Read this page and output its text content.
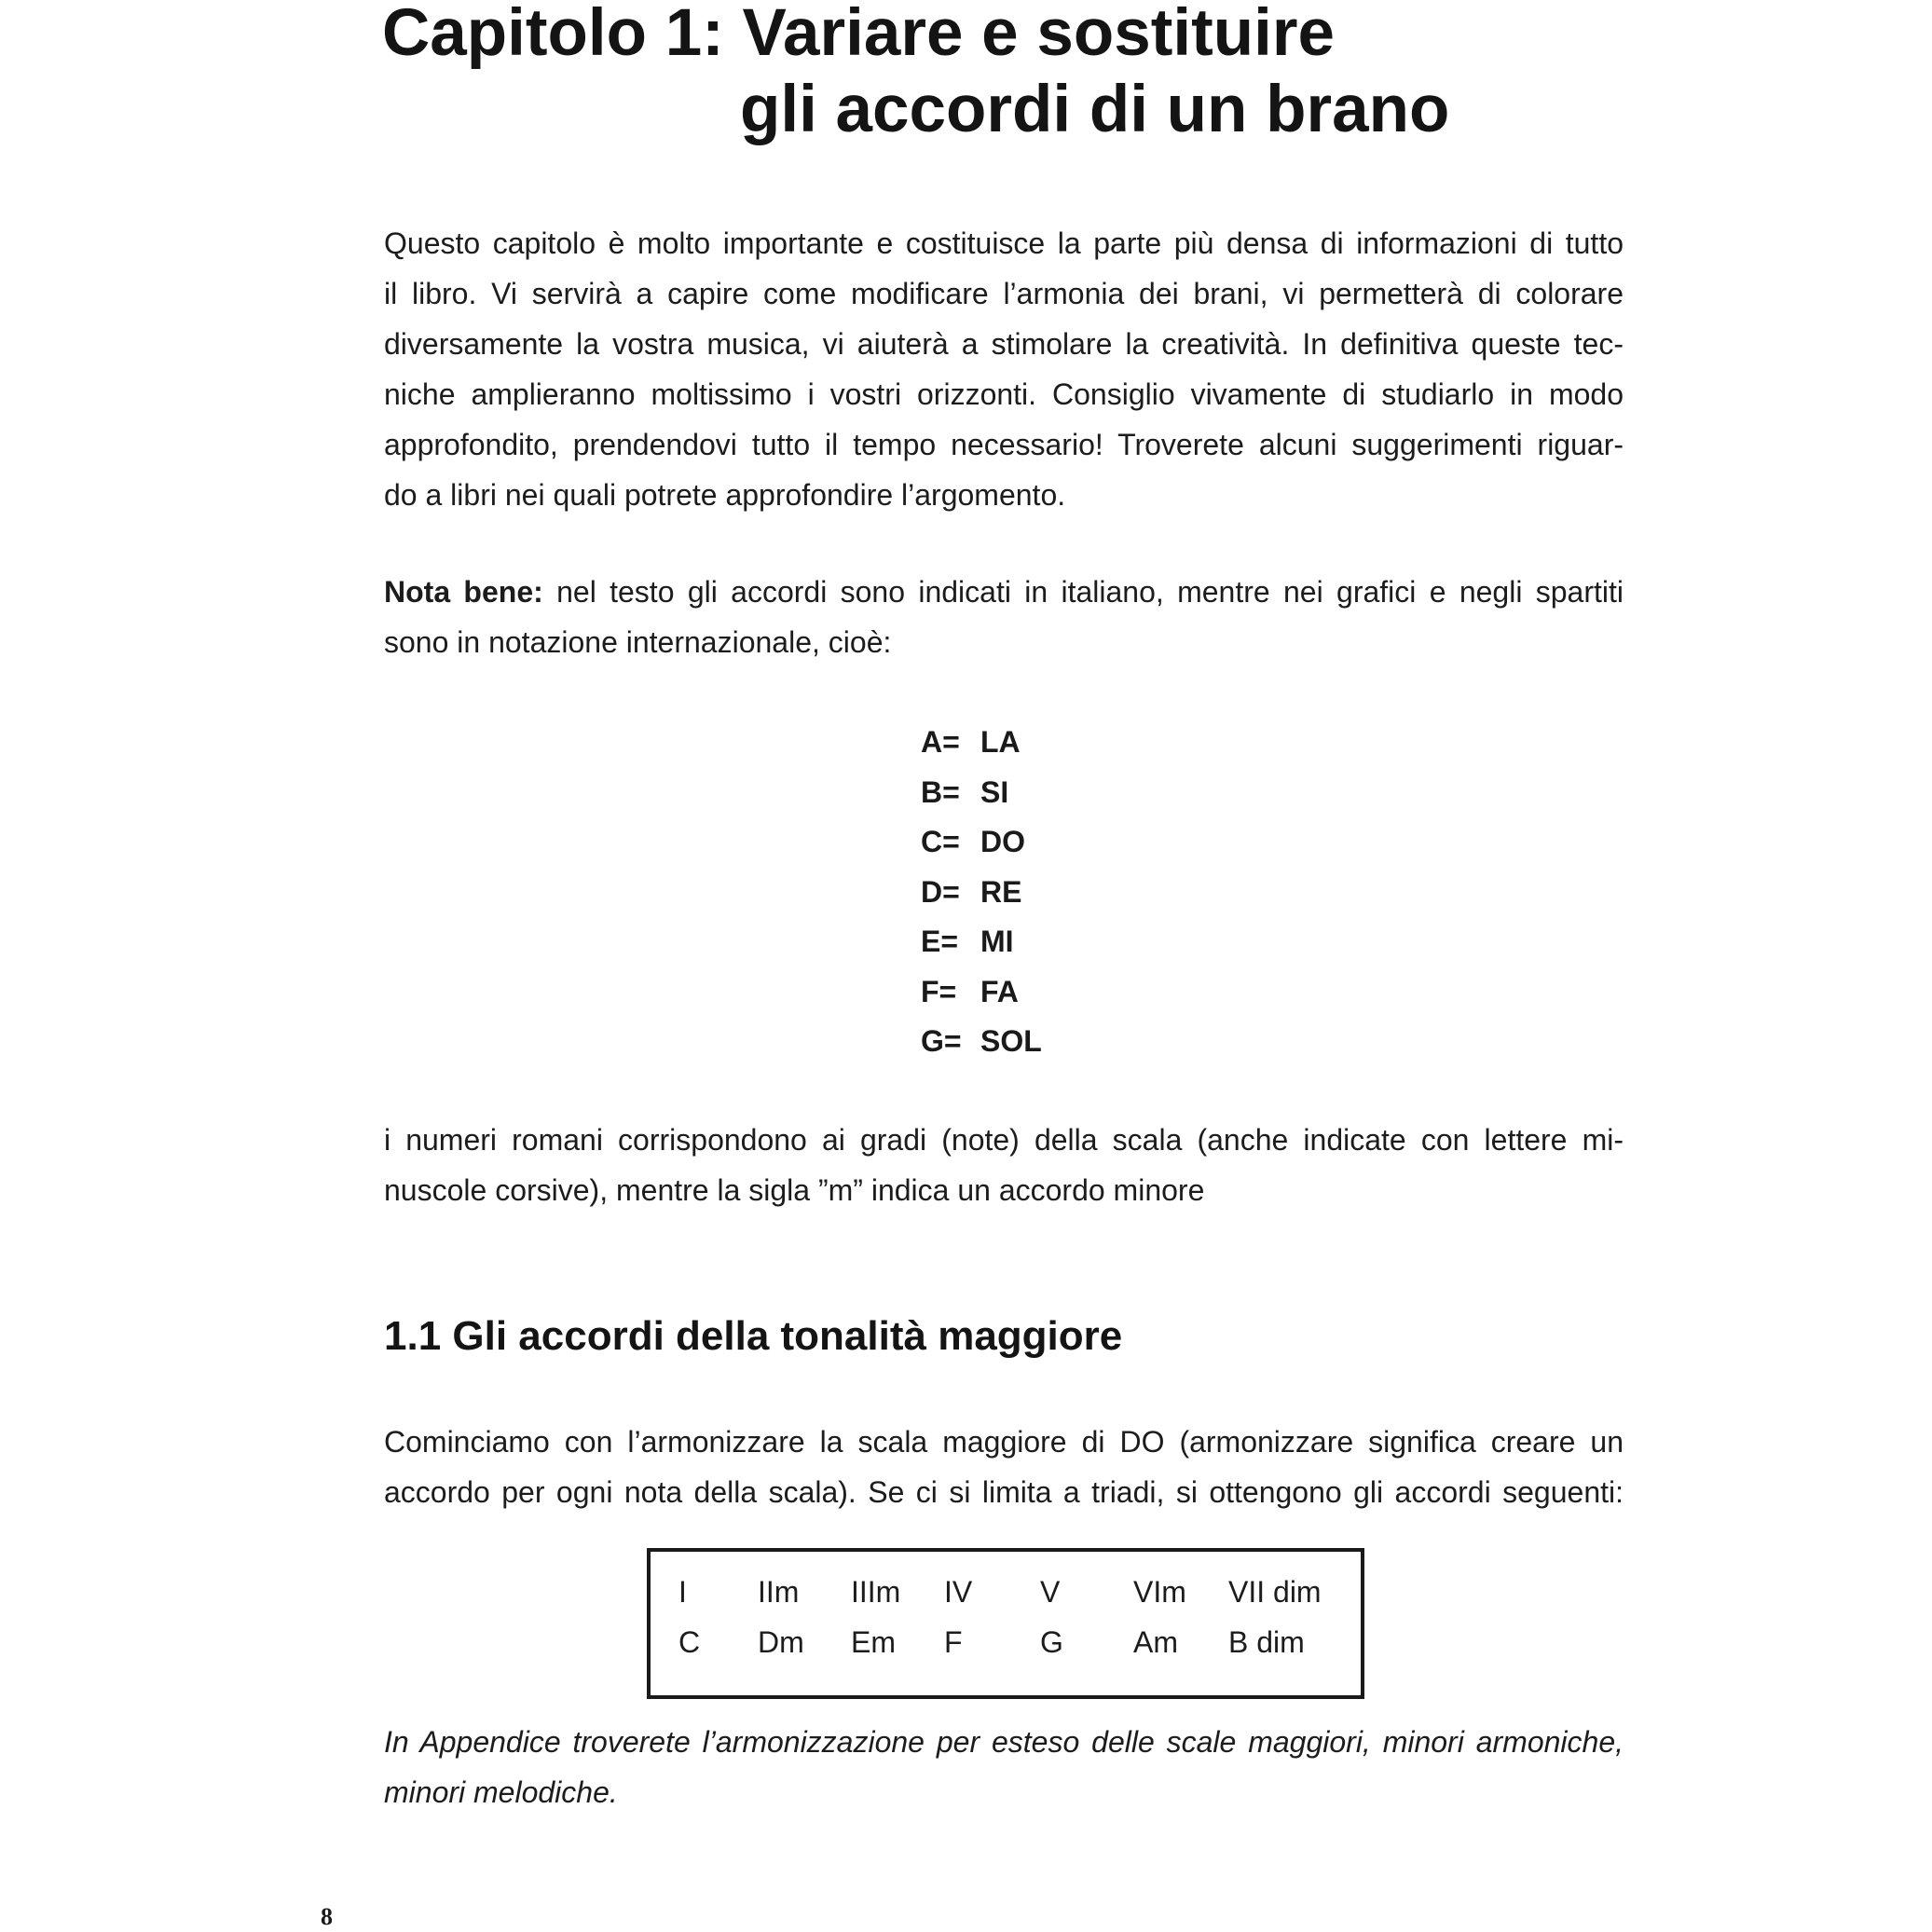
Capitolo 1: Variare e sostituire
gli accordi di un brano

Questo capitolo è molto importante e costituisce la parte più densa di informazioni di tutto
il libro. Vi servirà a capire come modificare l’armonia dei brani, vi permetterà di colorare
diversamente la vostra musica, vi aiuterà a stimolare la creatività. In definitiva queste tec-
niche amplieranno moltissimo i vostri orizzonti. Consiglio vivamente di studiarlo in modo
approfondito, prendendovi tutto il tempo necessario! Troverete alcuni suggerimenti riguar-
do a libri nei quali potrete approfondire l’argomento.

Nota bene: nel testo gli accordi sono indicati in italiano, mentre nei grafici e negli spartiti
sono in notazione internazionale, cioè:

A= LA
B= SI
C= DO
D= RE
E= MI
F= FA
G= SOL

i numeri romani corrispondono ai gradi (note) della scala (anche indicate con lettere mi-
nuscole corsive), mentre la sigla ”m” indica un accordo minore

1.1 Gli accordi della tonalità maggiore

Cominciamo con l’armonizzare la scala maggiore di DO (armonizzare significa creare un
accordo per ogni nota della scala). Se ci si limita a triadi, si ottengono gli accordi seguenti:

I	IIm	IIIm	IV	V	VIm	VII dim
C	Dm	Em	F	G	Am	B dim

In Appendice troverete l’armonizzazione per esteso delle scale maggiori, minori armoniche,
minori melodiche.

8
